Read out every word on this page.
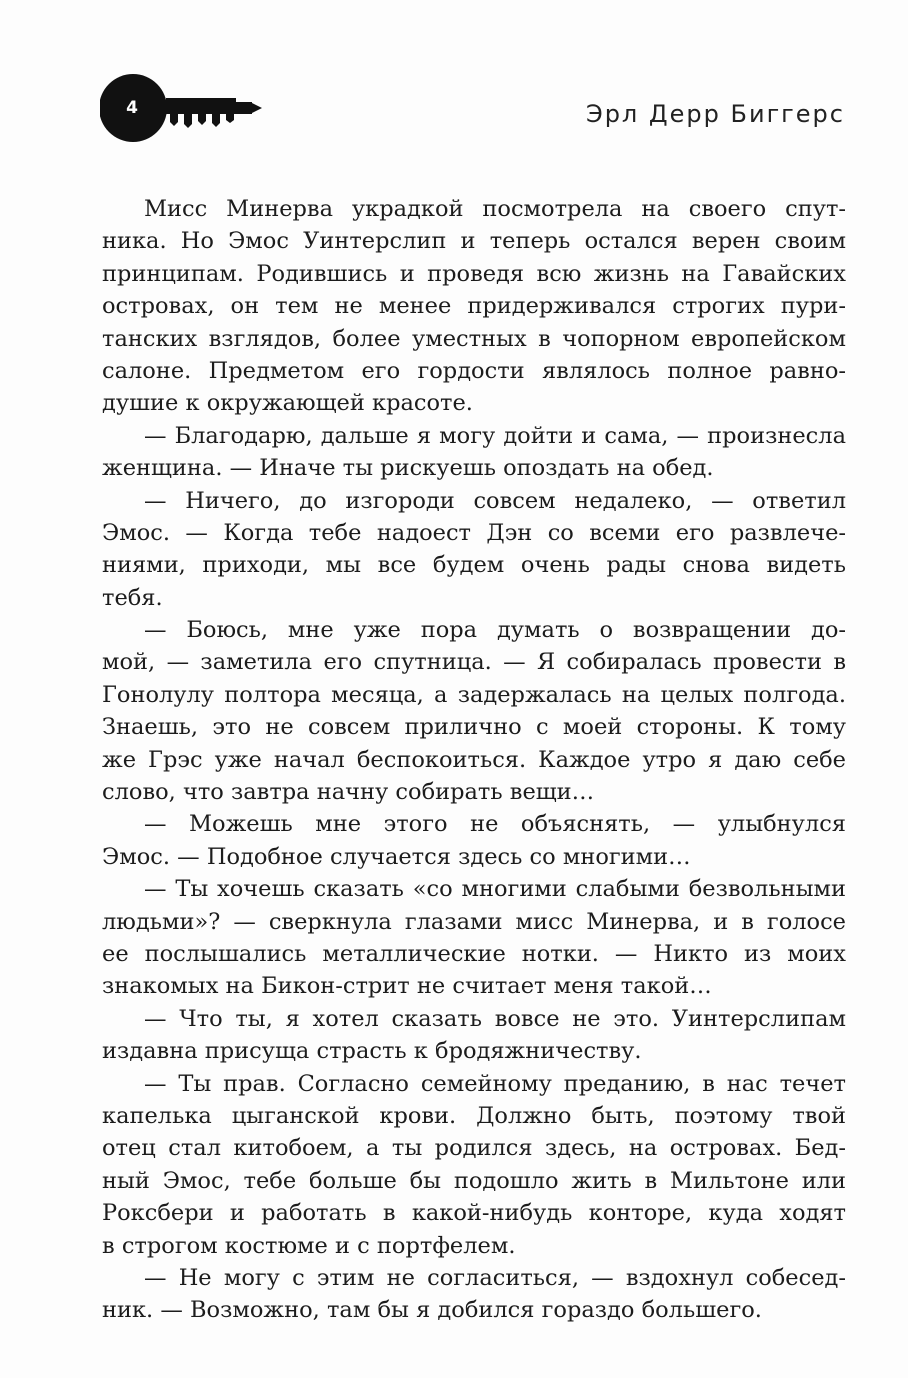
4	Эрл Дерр Биггерс
Мисс Минерва украдкой посмотрела на своего спут-
ника. Но Эмос Уинтерслип и теперь остался верен своим
принципам. Родившись и проведя всю жизнь на Гавайских
островах, он тем не менее придерживался строгих пури-
танских взглядов, более уместных в чопорном европейском
салоне. Предметом его гордости являлось полное равно-
душие к окружающей красоте.
— Благодарю, дальше я могу дойти и сама, — произнесла
женщина. — Иначе ты рискуешь опоздать на обед.
— Ничего, до изгороди совсем недалеко, — ответил
Эмос. — Когда тебе надоест Дэн со всеми его развлече-
ниями, приходи, мы все будем очень рады снова видеть
тебя.
— Боюсь, мне уже пора думать о возвращении до-
мой, — заметила его спутница. — Я собиралась провести в
Гонолулу полтора месяца, а задержалась на целых полгода.
Знаешь, это не совсем прилично с моей стороны. К тому
же Грэс уже начал беспокоиться. Каждое утро я даю себе
слово, что завтра начну собирать вещи…
— Можешь мне этого не объяснять, — улыбнулся
Эмос. — Подобное случается здесь со многими…
— Ты хочешь сказать «со многими слабыми безвольными
людьми»? — сверкнула глазами мисс Минерва, и в голосе
ее послышались металлические нотки. — Никто из моих
знакомых на Бикон-стрит не считает меня такой…
— Что ты, я хотел сказать вовсе не это. Уинтерслипам
издавна присуща страсть к бродяжничеству.
— Ты прав. Согласно семейному преданию, в нас течет
капелька цыганской крови. Должно быть, поэтому твой
отец стал китобоем, а ты родился здесь, на островах. Бед-
ный Эмос, тебе больше бы подошло жить в Мильтоне или
Роксбери и работать в какой-нибудь конторе, куда ходят
в строгом костюме и с портфелем.
— Не могу с этим не согласиться, — вздохнул собесед-
ник. — Возможно, там бы я добился гораздо большего.
